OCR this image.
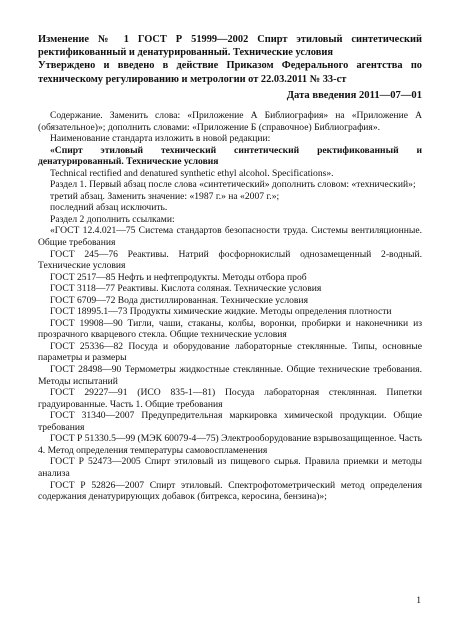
Изменение № 1 ГОСТ Р 51999—2002 Спирт этиловый синтетический ректификованный и денатурированный. Технические условия

Утверждено и введено в действие Приказом Федерального агентства по техническому регулированию и метрологии от 22.03.2011 № 33-ст

Дата введения 2011—07—01

Содержание. Заменить слова: «Приложение А Библиография» на «Приложение А (обязательное)»; дополнить словами: «Приложение Б (справочное) Библиография».

Наименование стандарта изложить в новой редакции:

«Спирт этиловый технический синтетический ректификованный и денатурированный. Технические условия

Technical rectified and denatured synthetic ethyl alcohol. Specifications».

Раздел 1. Первый абзац после слова «синтетический» дополнить словом: «технический»;

третий абзац. Заменить значение: «1987 г.» на «2007 г.»;

последний абзац исключить.

Раздел 2 дополнить ссылками:

«ГОСТ 12.4.021—75 Система стандартов безопасности труда. Системы вентиляционные. Общие требования

ГОСТ 245—76 Реактивы. Натрий фосфорнокислый однозамещенный 2-водный. Технические условия

ГОСТ 2517—85 Нефть и нефтепродукты. Методы отбора проб

ГОСТ 3118—77 Реактивы. Кислота соляная. Технические условия

ГОСТ 6709—72 Вода дистиллированная. Технические условия

ГОСТ 18995.1—73 Продукты химические жидкие. Методы определения плотности

ГОСТ 19908—90 Тигли, чаши, стаканы, колбы, воронки, пробирки и наконечники из прозрачного кварцевого стекла. Общие технические условия

ГОСТ 25336—82 Посуда и оборудование лабораторные стеклянные. Типы, основные параметры и размеры

ГОСТ 28498—90 Термометры жидкостные стеклянные. Общие технические требования. Методы испытаний

ГОСТ 29227—91 (ИСО 835-1—81) Посуда лабораторная стеклянная. Пипетки градуированные. Часть 1. Общие требования

ГОСТ 31340—2007 Предупредительная маркировка химической продукции. Общие требования

ГОСТ Р 51330.5—99 (МЭК 60079-4—75) Электрооборудование взрывозащищенное. Часть 4. Метод определения температуры самовоспламенения

ГОСТ Р 52473—2005 Спирт этиловый из пищевого сырья. Правила приемки и методы анализа

ГОСТ Р 52826—2007 Спирт этиловый. Спектрофотометрический метод определения содержания денатурирующих добавок (битрекса, керосина, бензина)»;

1
